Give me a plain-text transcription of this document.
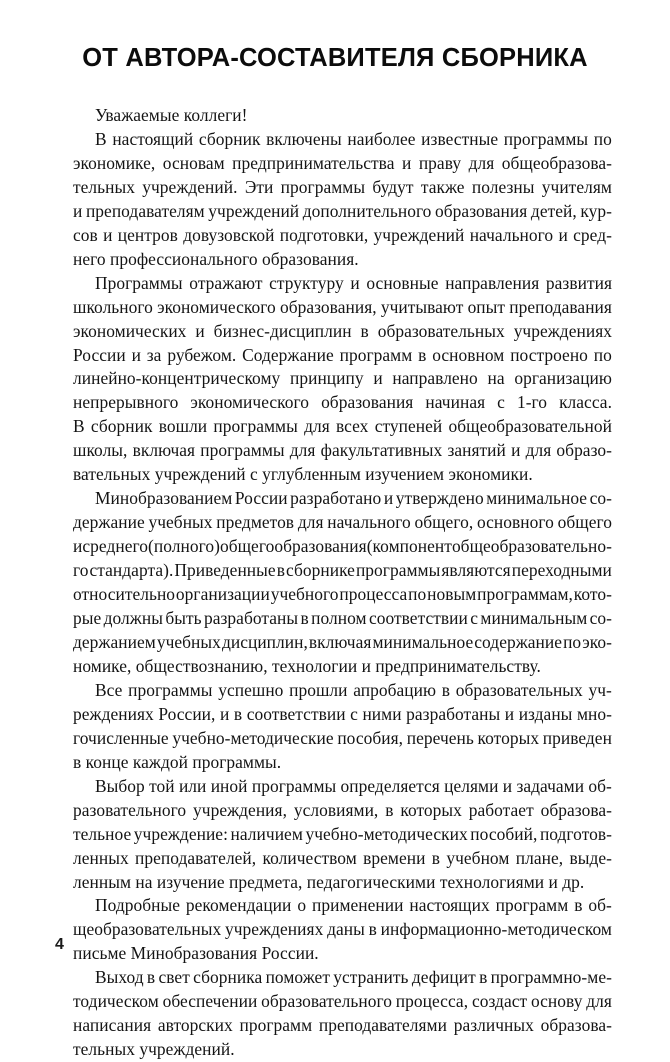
ОТ АВТОРА-СОСТАВИТЕЛЯ СБОРНИКА
Уважаемые коллеги!
В настоящий сборник включены наиболее известные программы по
экономике, основам предпринимательства и праву для общеобразова-
тельных учреждений. Эти программы будут также полезны учителям
и преподавателям учреждений дополнительного образования детей, кур-
сов и центров довузовской подготовки, учреждений начального и сред-
него профессионального образования.
Программы отражают структуру и основные направления развития
школьного экономического образования, учитывают опыт преподавания
экономических и бизнес-дисциплин в образовательных учреждениях
России и за рубежом. Содержание программ в основном построено по
линейно-концентрическому принципу и направлено на организацию
непрерывного экономического образования начиная с 1-го класса.
В сборник вошли программы для всех ступеней общеобразовательной
школы, включая программы для факультативных занятий и для образо-
вательных учреждений с углубленным изучением экономики.
Минобразованием России разработано и утверждено минимальное со-
держание учебных предметов для начального общего, основного общего
и среднего (полного) общего образования (компонент общеобразовательно-
го стандарта). Приведенные в сборнике программы являются переходными
относительно организации учебного процесса по новым программам, кото-
рые должны быть разработаны в полном соответствии с минимальным со-
держанием учебных дисциплин, включая минимальное содержание по эко-
номике, обществознанию, технологии и предпринимательству.
Все программы успешно прошли апробацию в образовательных уч-
реждениях России, и в соответствии с ними разработаны и изданы мно-
гочисленные учебно-методические пособия, перечень которых приведен
в конце каждой программы.
Выбор той или иной программы определяется целями и задачами об-
разовательного учреждения, условиями, в которых работает образова-
тельное учреждение: наличием учебно-методических пособий, подготов-
ленных преподавателей, количеством времени в учебном плане, выде-
ленным на изучение предмета, педагогическими технологиями и др.
Подробные рекомендации о применении настоящих программ в об-
щеобразовательных учреждениях даны в информационно-методическом
письме Минобразования России.
Выход в свет сборника поможет устранить дефицит в программно-ме-
тодическом обеспечении образовательного процесса, создаст основу для
написания авторских программ преподавателями различных образова-
тельных учреждений.
4
